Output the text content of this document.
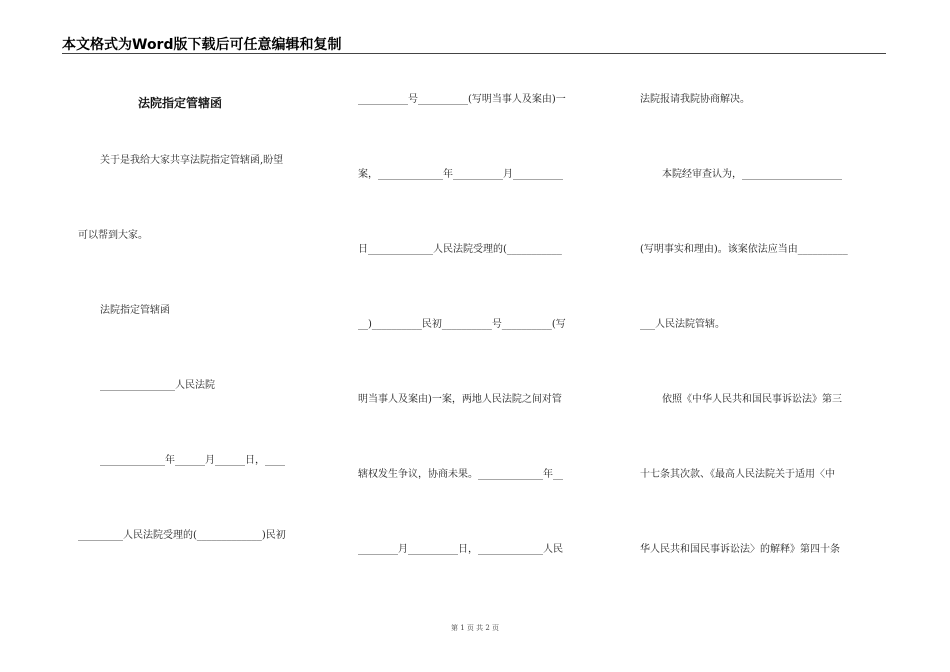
本文格式为Word版下载后可任意编辑和复制
法院指定管辖函
关于是我给大家共享法院指定管辖函,盼望
可以帮到大家。
法院指定管辖函
_______________人民法院
_____________年______月______日，____
_________人民法院受理的(_____________)民初
__________号__________(写明当事人及案由)一
案，_____________年__________月__________
日_____________人民法院受理的(___________
__)__________民初__________号__________(写
明当事人及案由)一案，两地人民法院之间对管
辖权发生争议，协商未果。_____________年__
________月__________日，_____________人民
法院报请我院协商解决。
本院经审查认为，____________________
(写明事实和理由)。该案依法应当由__________
___人民法院管辖。
依照《中华人民共和国民事诉讼法》第三
十七条其次款、《最高人民法院关于适用〈中
华人民共和国民事诉讼法〉的解释》第四十条
第 1 页 共 2 页
